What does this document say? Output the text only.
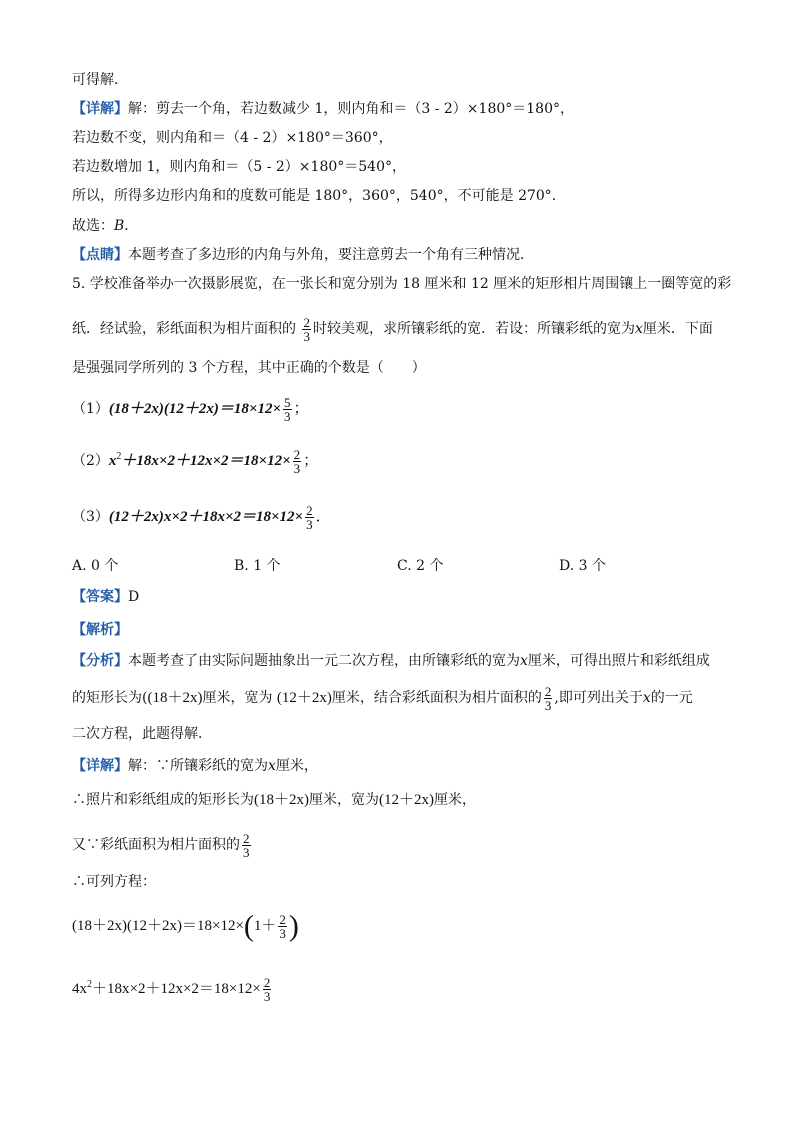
可得解．
【详解】解：剪去一个角，若边数减少 1，则内角和＝（3 - 2）×180°＝180°，
若边数不变，则内角和＝（4 - 2）×180°＝360°，
若边数增加 1，则内角和＝（5 - 2）×180°＝540°，
所以，所得多边形内角和的度数可能是 180°，360°，540°，不可能是 270°．
故选：B．
【点睛】本题考查了多边形的内角与外角，要注意剪去一个角有三种情况．
5. 学校准备举办一次摄影展览，在一张长和宽分别为 18 厘米和 12 厘米的矩形相片周围镶上一圈等宽的彩
纸．经试验，彩纸面积为相片面积的 $\frac{2}{3}$ 时较美观，求所镶彩纸的宽．若设：所镶彩纸的宽为x厘米．下面
是强强同学所列的 3 个方程，其中正确的个数是（　　）
$(1)(18+2x)(12+2x)=18\times 12\times \frac{5}{3}$ ；
$(2)x^2+18x\times 2+12x\times 2=18\times 12\times \frac{2}{3}$ ；
$(3)(12+2x)x\times 2+18x\times 2=18\times 12\times \frac{2}{3}$ ．
A. 0 个	B. 1 个	C. 2 个	D. 3 个
【答案】D
【解析】
【分析】本题考查了由实际问题抽象出一元二次方程，由所镶彩纸的宽为x厘米，可得出照片和彩纸组成
的矩形长为((18＋2x)厘米，宽为 (12＋2x)厘米，结合彩纸面积为相片面积的 $\frac{2}{3}$ ,即可列出关于x的一元
二次方程，此题得解．
【详解】解：∵所镶彩纸的宽为x厘米，
∴照片和彩纸组成的矩形长为(18＋2x)厘米，宽为(12＋2x)厘米，
又∵彩纸面积为相片面积的 $\frac{2}{3}$
∴可列方程：
$(18+2x)(12+2x)=18\times 12\times(1+ \frac{2}{3}$ )
$4x^2+18x\times 2+12x\times 2=18\times 12\times \frac{2}{3}$
